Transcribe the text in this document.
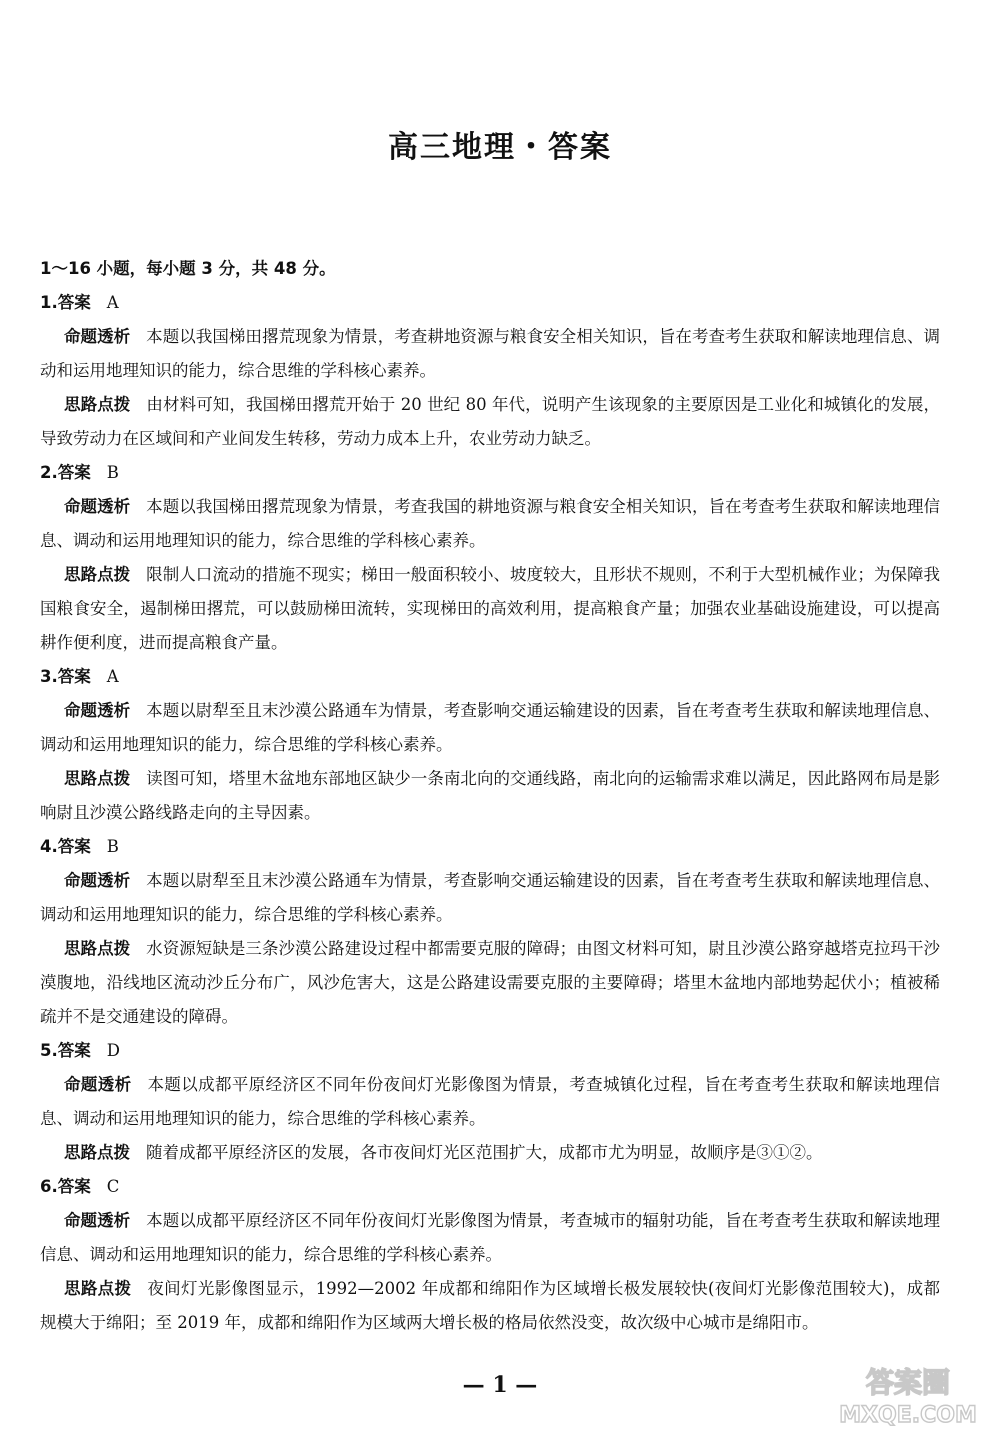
高三地理・答案
1～16 小题，每小题 3 分，共 48 分。
1.答案 A

命题透析 本题以我国梯田撂荒现象为情景，考查耕地资源与粮食安全相关知识，旨在考查考生获取和解读地理信息、调动和运用地理知识的能力，综合思维的学科核心素养。

思路点拨 由材料可知，我国梯田撂荒开始于 20 世纪 80 年代，说明产生该现象的主要原因是工业化和城镇化的发展，导致劳动力在区域间和产业间发生转移，劳动力成本上升，农业劳动力缺乏。

2.答案 B

命题透析 本题以我国梯田撂荒现象为情景，考查我国的耕地资源与粮食安全相关知识，旨在考查考生获取和解读地理信息、调动和运用地理知识的能力，综合思维的学科核心素养。

思路点拨 限制人口流动的措施不现实；梯田一般面积较小、坡度较大，且形状不规则，不利于大型机械作业；为保障我国粮食安全，遏制梯田撂荒，可以鼓励梯田流转，实现梯田的高效利用，提高粮食产量；加强农业基础设施建设，可以提高耕作便利度，进而提高粮食产量。

3.答案 A

命题透析 本题以尉犁至且末沙漠公路通车为情景，考查影响交通运输建设的因素，旨在考查考生获取和解读地理信息、调动和运用地理知识的能力，综合思维的学科核心素养。

思路点拨 读图可知，塔里木盆地东部地区缺少一条南北向的交通线路，南北向的运输需求难以满足，因此路网布局是影响尉且沙漠公路线路走向的主导因素。

4.答案 B

命题透析 本题以尉犁至且末沙漠公路通车为情景，考查影响交通运输建设的因素，旨在考查考生获取和解读地理信息、调动和运用地理知识的能力，综合思维的学科核心素养。

思路点拨 水资源短缺是三条沙漠公路建设过程中都需要克服的障碍；由图文材料可知，尉且沙漠公路穿越塔克拉玛干沙漠腹地，沿线地区流动沙丘分布广，风沙危害大，这是公路建设需要克服的主要障碍；塔里木盆地内部地势起伏小；植被稀疏并不是交通建设的障碍。

5.答案 D

命题透析 本题以成都平原经济区不同年份夜间灯光影像图为情景，考查城镇化过程，旨在考查考生获取和解读地理信息、调动和运用地理知识的能力，综合思维的学科核心素养。

思路点拨 随着成都平原经济区的发展，各市夜间灯光区范围扩大，成都市尤为明显，故顺序是③①②。

6.答案 C

命题透析 本题以成都平原经济区不同年份夜间灯光影像图为情景，考查城市的辐射功能，旨在考查考生获取和解读地理信息、调动和运用地理知识的能力，综合思维的学科核心素养。

思路点拨 夜间灯光影像图显示，1992—2002 年成都和绵阳作为区域增长极发展较快(夜间灯光影像范围较大)，成都规模大于绵阳；至 2019 年，成都和绵阳作为区域两大增长极的格局依然没变，故次级中心城市是绵阳市。

— 1 —	答案圈
MXQE.COM
